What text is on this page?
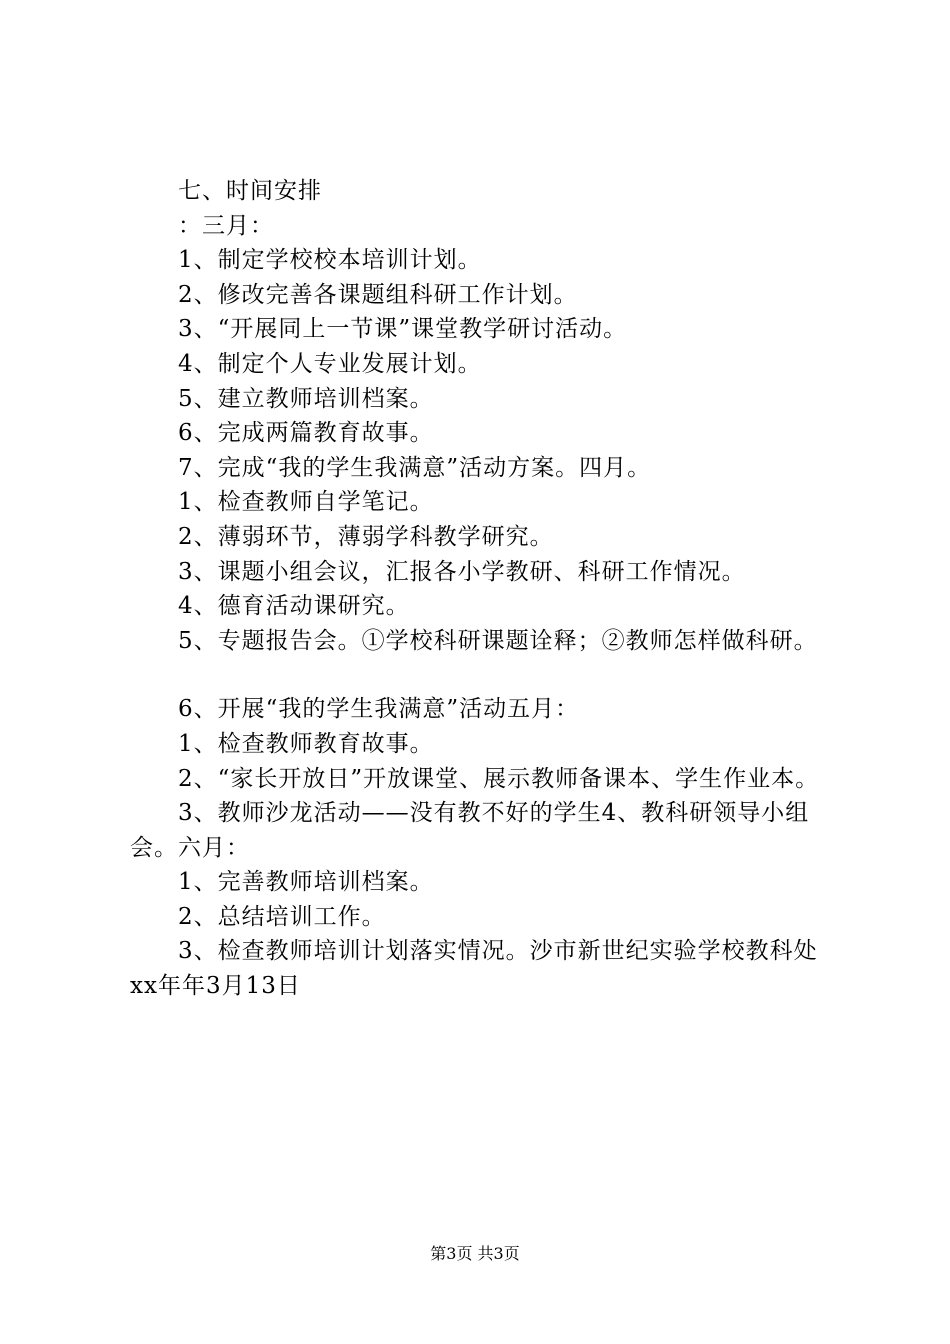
七、时间安排
：三月：
1、制定学校校本培训计划。
2、修改完善各课题组科研工作计划。
3、“开展同上一节课”课堂教学研讨活动。
4、制定个人专业发展计划。
5、建立教师培训档案。
6、完成两篇教育故事。
7、完成“我的学生我满意”活动方案。四月。
1、检查教师自学笔记。
2、薄弱环节，薄弱学科教学研究。
3、课题小组会议，汇报各小学教研、科研工作情况。
4、德育活动课研究。
5、专题报告会。①学校科研课题诠释；②教师怎样做科研。
6、开展“我的学生我满意”活动五月：
1、检查教师教育故事。
2、“家长开放日”开放课堂、展示教师备课本、学生作业本。
3、教师沙龙活动——没有教不好的学生4、教科研领导小组会。六月：
1、完善教师培训档案。
2、总结培训工作。
3、检查教师培训计划落实情况。沙市新世纪实验学校教科处xx年年3月13日
第3页 共3页
